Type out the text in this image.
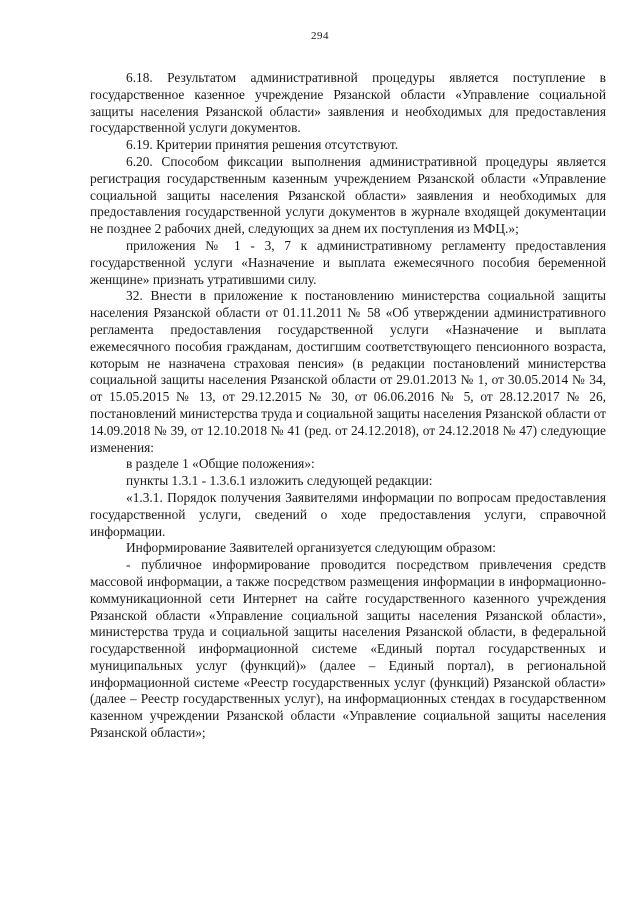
294

6.18. Результатом административной процедуры является поступление в государственное казенное учреждение Рязанской области «Управление социальной защиты населения Рязанской области» заявления и необходимых для предоставления государственной услуги документов.

6.19. Критерии принятия решения отсутствуют.

6.20. Способом фиксации выполнения административной процедуры является регистрация государственным казенным учреждением Рязанской области «Управление социальной защиты населения Рязанской области» заявления и необходимых для предоставления государственной услуги документов в журнале входящей документации не позднее 2 рабочих дней, следующих за днем их поступления из МФЦ.»;

приложения № 1 - 3, 7 к административному регламенту предоставления государственной услуги «Назначение и выплата ежемесячного пособия беременной женщине» признать утратившими силу.

32. Внести в приложение к постановлению министерства социальной защиты населения Рязанской области от 01.11.2011 № 58 «Об утверждении административного регламента предоставления государственной услуги «Назначение и выплата ежемесячного пособия гражданам, достигшим соответствующего пенсионного возраста, которым не назначена страховая пенсия» (в редакции постановлений министерства социальной защиты населения Рязанской области от 29.01.2013 № 1, от 30.05.2014 № 34, от 15.05.2015 № 13, от 29.12.2015 № 30, от 06.06.2016 № 5, от 28.12.2017 № 26, постановлений министерства труда и социальной защиты населения Рязанской области от 14.09.2018 № 39, от 12.10.2018 № 41 (ред. от 24.12.2018), от 24.12.2018 № 47) следующие изменения:

в разделе 1 «Общие положения»:

пункты 1.3.1 - 1.3.6.1 изложить следующей редакции:

«1.3.1. Порядок получения Заявителями информации по вопросам предоставления государственной услуги, сведений о ходе предоставления услуги, справочной информации.

Информирование Заявителей организуется следующим образом:

- публичное информирование проводится посредством привлечения средств массовой информации, а также посредством размещения информации в информационно-коммуникационной сети Интернет на сайте государственного казенного учреждения Рязанской области «Управление социальной защиты населения Рязанской области», министерства труда и социальной защиты населения Рязанской области, в федеральной государственной информационной системе «Единый портал государственных и муниципальных услуг (функций)» (далее – Единый портал), в региональной информационной системе «Реестр государственных услуг (функций) Рязанской области» (далее – Реестр государственных услуг), на информационных стендах в государственном казенном учреждении Рязанской области «Управление социальной защиты населения Рязанской области»;
